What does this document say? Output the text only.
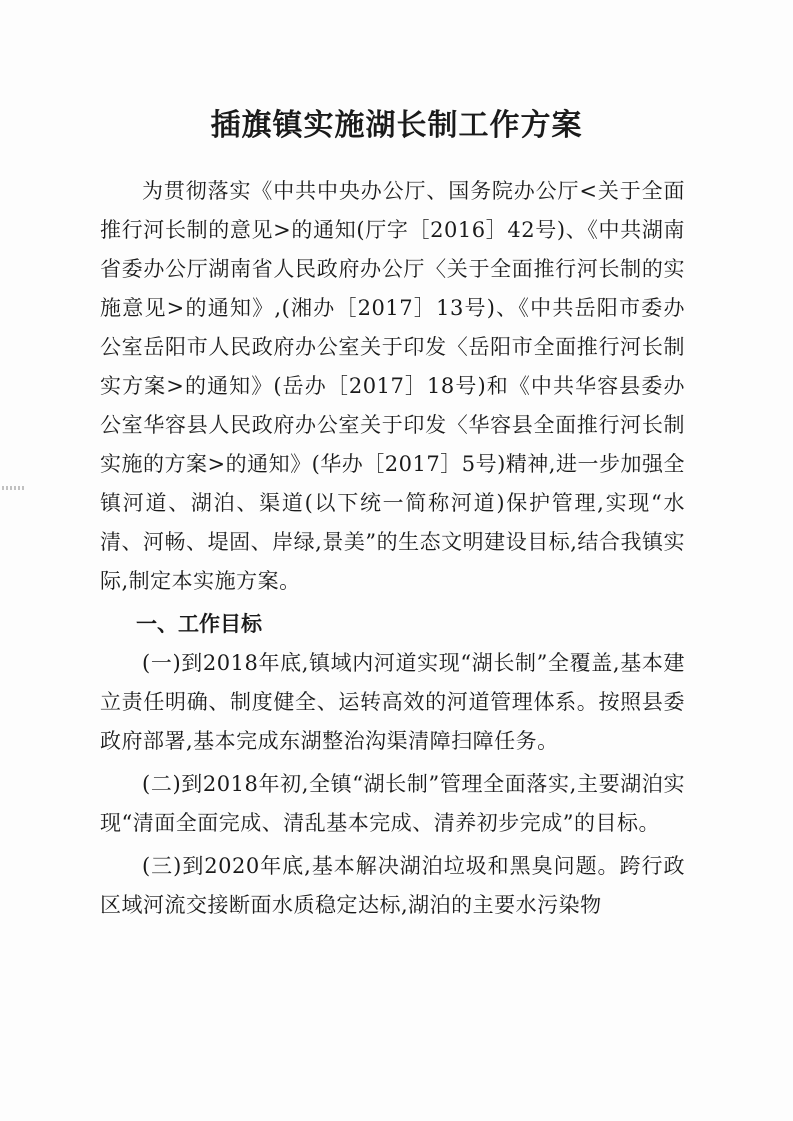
插旗镇实施湖长制工作方案

为贯彻落实《中共中央办公厅、国务院办公厅<关于全面推行河长制的意见>的通知(厅字［2016］42号)、《中共湖南省委办公厅湖南省人民政府办公厅〈关于全面推行河长制的实施意见>的通知》,(湘办［2017］13号)、《中共岳阳市委办公室岳阳市人民政府办公室关于印发〈岳阳市全面推行河长制实方案>的通知》(岳办［2017］18号)和《中共华容县委办公室华容县人民政府办公室关于印发〈华容县全面推行河长制实施的方案>的通知》(华办［2017］5号)精神,进一步加强全镇河道、湖泊、渠道(以下统一简称河道)保护管理,实现“水清、河畅、堤固、岸绿,景美”的生态文明建设目标,结合我镇实际,制定本实施方案。

一、工作目标

(一)到2018年底,镇域内河道实现“湖长制”全覆盖,基本建立责任明确、制度健全、运转高效的河道管理体系。按照县委政府部署,基本完成东湖整治沟渠清障扫障任务。

(二)到2018年初,全镇“湖长制”管理全面落实,主要湖泊实现“清面全面完成、清乱基本完成、清养初步完成”的目标。

(三)到2020年底,基本解决湖泊垃圾和黑臭问题。跨行政区域河流交接断面水质稳定达标,湖泊的主要水污染物
